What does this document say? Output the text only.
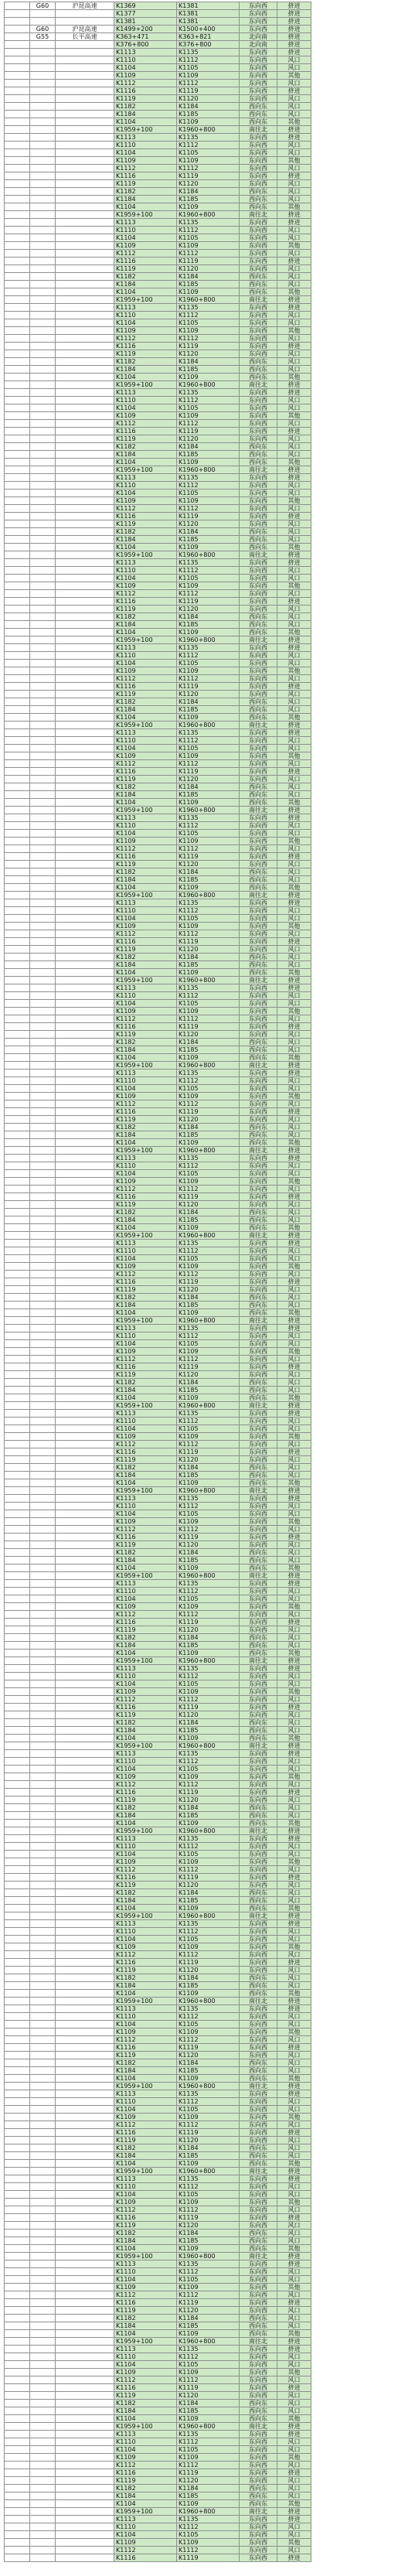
	G60	沪昆高速	K1369	K1381	东向西	挤进
			K1377	K1381	东向西	挤进
			K1381	K1381	东向西	挤进
	G60	沪昆高速	K1499+200	K1500+400	东向西	挤进
	G55	长平高速	K363+471	K363+821	北向南	挤进
			K376+800	K376+800	北向南	挤进
			K1113	K1135	东向西	挤进
			K1110	K1112	东向西	风口
			K1104	K1105	东向西	风口
			K1109	K1109	东向西	其他
			K1112	K1112	东向西	风口
			K1116	K1119	东向西	挤进
			K1119	K1120	东向西	风口
			K1182	K1184	西向东	风口
			K1184	K1185	西向东	风口
			K1104	K1109	西向东	其他
			K1959+100	K1960+800	南往北	挤进
			K1113	K1135	东向西	挤进
			K1110	K1112	东向西	风口
			K1104	K1105	东向西	风口
			K1109	K1109	东向西	其他
			K1112	K1112	东向西	风口
			K1116	K1119	东向西	挤进
			K1119	K1120	东向西	风口
			K1182	K1184	西向东	风口
			K1184	K1185	西向东	风口
			K1104	K1109	西向东	其他
			K1959+100	K1960+800	南往北	挤进
			K1113	K1135	东向西	挤进
			K1110	K1112	东向西	风口
			K1104	K1105	东向西	风口
			K1109	K1109	东向西	其他
			K1112	K1112	东向西	风口
			K1116	K1119	东向西	挤进
			K1119	K1120	东向西	风口
			K1182	K1184	西向东	风口
			K1184	K1185	西向东	风口
			K1104	K1109	西向东	其他
			K1959+100	K1960+800	南往北	挤进
			K1113	K1135	东向西	挤进
			K1110	K1112	东向西	风口
			K1104	K1105	东向西	风口
			K1109	K1109	东向西	其他
			K1112	K1112	东向西	风口
			K1116	K1119	东向西	挤进
			K1119	K1120	东向西	风口
			K1182	K1184	西向东	风口
			K1184	K1185	西向东	风口
			K1104	K1109	西向东	其他
			K1959+100	K1960+800	南往北	挤进
			K1113	K1135	东向西	挤进
			K1110	K1112	东向西	风口
			K1104	K1105	东向西	风口
			K1109	K1109	东向西	其他
			K1112	K1112	东向西	风口
			K1116	K1119	东向西	挤进
			K1119	K1120	东向西	风口
			K1182	K1184	西向东	风口
			K1184	K1185	西向东	风口
			K1104	K1109	西向东	其他
			K1959+100	K1960+800	南往北	挤进
			K1113	K1135	东向西	挤进
			K1110	K1112	东向西	风口
			K1104	K1105	东向西	风口
			K1109	K1109	东向西	其他
			K1112	K1112	东向西	风口
			K1116	K1119	东向西	挤进
			K1119	K1120	东向西	风口
			K1182	K1184	西向东	风口
			K1184	K1185	西向东	风口
			K1104	K1109	西向东	其他
			K1959+100	K1960+800	南往北	挤进
			K1113	K1135	东向西	挤进
			K1110	K1112	东向西	风口
			K1104	K1105	东向西	风口
			K1109	K1109	东向西	其他
			K1112	K1112	东向西	风口
			K1116	K1119	东向西	挤进
			K1119	K1120	东向西	风口
			K1182	K1184	西向东	风口
			K1184	K1185	西向东	风口
			K1104	K1109	西向东	其他
			K1959+100	K1960+800	南往北	挤进
			K1113	K1135	东向西	挤进
			K1110	K1112	东向西	风口
			K1104	K1105	东向西	风口
			K1109	K1109	东向西	其他
			K1112	K1112	东向西	风口
			K1116	K1119	东向西	挤进
			K1119	K1120	东向西	风口
			K1182	K1184	西向东	风口
			K1184	K1185	西向东	风口
			K1104	K1109	西向东	其他
			K1959+100	K1960+800	南往北	挤进
			K1113	K1135	东向西	挤进
			K1110	K1112	东向西	风口
			K1104	K1105	东向西	风口
			K1109	K1109	东向西	其他
			K1112	K1112	东向西	风口
			K1116	K1119	东向西	挤进
			K1119	K1120	东向西	风口
			K1182	K1184	西向东	风口
			K1184	K1185	西向东	风口
			K1104	K1109	西向东	其他
			K1959+100	K1960+800	南往北	挤进
			K1113	K1135	东向西	挤进
			K1110	K1112	东向西	风口
			K1104	K1105	东向西	风口
			K1109	K1109	东向西	其他
			K1112	K1112	东向西	风口
			K1116	K1119	东向西	挤进
			K1119	K1120	东向西	风口
			K1182	K1184	西向东	风口
			K1184	K1185	西向东	风口
			K1104	K1109	西向东	其他
			K1959+100	K1960+800	南往北	挤进
			K1113	K1135	东向西	挤进
			K1110	K1112	东向西	风口
			K1104	K1105	东向西	风口
			K1109	K1109	东向西	其他
			K1112	K1112	东向西	风口
			K1116	K1119	东向西	挤进
			K1119	K1120	东向西	风口
			K1182	K1184	西向东	风口
			K1184	K1185	西向东	风口
			K1104	K1109	西向东	其他
			K1959+100	K1960+800	南往北	挤进
			K1113	K1135	东向西	挤进
			K1110	K1112	东向西	风口
			K1104	K1105	东向西	风口
			K1109	K1109	东向西	其他
			K1112	K1112	东向西	风口
			K1116	K1119	东向西	挤进
			K1119	K1120	东向西	风口
			K1182	K1184	西向东	风口
			K1184	K1185	西向东	风口
			K1104	K1109	西向东	其他
			K1959+100	K1960+800	南往北	挤进
			K1113	K1135	东向西	挤进
			K1110	K1112	东向西	风口
			K1104	K1105	东向西	风口
			K1109	K1109	东向西	其他
			K1112	K1112	东向西	风口
			K1116	K1119	东向西	挤进
			K1119	K1120	东向西	风口
			K1182	K1184	西向东	风口
			K1184	K1185	西向东	风口
			K1104	K1109	西向东	其他
			K1959+100	K1960+800	南往北	挤进
			K1113	K1135	东向西	挤进
			K1110	K1112	东向西	风口
			K1104	K1105	东向西	风口
			K1109	K1109	东向西	其他
			K1112	K1112	东向西	风口
			K1116	K1119	东向西	挤进
			K1119	K1120	东向西	风口
			K1182	K1184	西向东	风口
			K1184	K1185	西向东	风口
			K1104	K1109	西向东	其他
			K1959+100	K1960+800	南往北	挤进
			K1113	K1135	东向西	挤进
			K1110	K1112	东向西	风口
			K1104	K1105	东向西	风口
			K1109	K1109	东向西	其他
			K1112	K1112	东向西	风口
			K1116	K1119	东向西	挤进
			K1119	K1120	东向西	风口
			K1182	K1184	西向东	风口
			K1184	K1185	西向东	风口
			K1104	K1109	西向东	其他
			K1959+100	K1960+800	南往北	挤进
			K1113	K1135	东向西	挤进
			K1110	K1112	东向西	风口
			K1104	K1105	东向西	风口
			K1109	K1109	东向西	其他
			K1112	K1112	东向西	风口
			K1116	K1119	东向西	挤进
			K1119	K1120	东向西	风口
			K1182	K1184	西向东	风口
			K1184	K1185	西向东	风口
			K1104	K1109	西向东	其他
			K1959+100	K1960+800	南往北	挤进
			K1113	K1135	东向西	挤进
			K1110	K1112	东向西	风口
			K1104	K1105	东向西	风口
			K1109	K1109	东向西	其他
			K1112	K1112	东向西	风口
			K1116	K1119	东向西	挤进
			K1119	K1120	东向西	风口
			K1182	K1184	西向东	风口
			K1184	K1185	西向东	风口
			K1104	K1109	西向东	其他
			K1959+100	K1960+800	南往北	挤进
			K1113	K1135	东向西	挤进
			K1110	K1112	东向西	风口
			K1104	K1105	东向西	风口
			K1109	K1109	东向西	其他
			K1112	K1112	东向西	风口
			K1116	K1119	东向西	挤进
			K1119	K1120	东向西	风口
			K1182	K1184	西向东	风口
			K1184	K1185	西向东	风口
			K1104	K1109	西向东	其他
			K1959+100	K1960+800	南往北	挤进
			K1113	K1135	东向西	挤进
			K1110	K1112	东向西	风口
			K1104	K1105	东向西	风口
			K1109	K1109	东向西	其他
			K1112	K1112	东向西	风口
			K1116	K1119	东向西	挤进
			K1119	K1120	东向西	风口
			K1182	K1184	西向东	风口
			K1184	K1185	西向东	风口
			K1104	K1109	西向东	其他
			K1959+100	K1960+800	南往北	挤进
			K1113	K1135	东向西	挤进
			K1110	K1112	东向西	风口
			K1104	K1105	东向西	风口
			K1109	K1109	东向西	其他
			K1112	K1112	东向西	风口
			K1116	K1119	东向西	挤进
			K1119	K1120	东向西	风口
			K1182	K1184	西向东	风口
			K1184	K1185	西向东	风口
			K1104	K1109	西向东	其他
			K1959+100	K1960+800	南往北	挤进
			K1113	K1135	东向西	挤进
			K1110	K1112	东向西	风口
			K1104	K1105	东向西	风口
			K1109	K1109	东向西	其他
			K1112	K1112	东向西	风口
			K1116	K1119	东向西	挤进
			K1119	K1120	东向西	风口
			K1182	K1184	西向东	风口
			K1184	K1185	西向东	风口
			K1104	K1109	西向东	其他
			K1959+100	K1960+800	南往北	挤进
			K1113	K1135	东向西	挤进
			K1110	K1112	东向西	风口
			K1104	K1105	东向西	风口
			K1109	K1109	东向西	其他
			K1112	K1112	东向西	风口
			K1116	K1119	东向西	挤进
			K1119	K1120	东向西	风口
			K1182	K1184	西向东	风口
			K1184	K1185	西向东	风口
			K1104	K1109	西向东	其他
			K1959+100	K1960+800	南往北	挤进
			K1113	K1135	东向西	挤进
			K1110	K1112	东向西	风口
			K1104	K1105	东向西	风口
			K1109	K1109	东向西	其他
			K1112	K1112	东向西	风口
			K1116	K1119	东向西	挤进
			K1119	K1120	东向西	风口
			K1182	K1184	西向东	风口
			K1184	K1185	西向东	风口
			K1104	K1109	西向东	其他
			K1959+100	K1960+800	南往北	挤进
			K1113	K1135	东向西	挤进
			K1110	K1112	东向西	风口
			K1104	K1105	东向西	风口
			K1109	K1109	东向西	其他
			K1112	K1112	东向西	风口
			K1116	K1119	东向西	挤进
			K1119	K1120	东向西	风口
			K1182	K1184	西向东	风口
			K1184	K1185	西向东	风口
			K1104	K1109	西向东	其他
			K1959+100	K1960+800	南往北	挤进
			K1113	K1135	东向西	挤进
			K1110	K1112	东向西	风口
			K1104	K1105	东向西	风口
			K1109	K1109	东向西	其他
			K1112	K1112	东向西	风口
			K1116	K1119	东向西	挤进
			K1119	K1120	东向西	风口
			K1182	K1184	西向东	风口
			K1184	K1185	西向东	风口
			K1104	K1109	西向东	其他
			K1959+100	K1960+800	南往北	挤进
			K1113	K1135	东向西	挤进
			K1110	K1112	东向西	风口
			K1104	K1105	东向西	风口
			K1109	K1109	东向西	其他
			K1112	K1112	东向西	风口
			K1116	K1119	东向西	挤进
			K1119	K1120	东向西	风口
			K1182	K1184	西向东	风口
			K1184	K1185	西向东	风口
			K1104	K1109	西向东	其他
			K1959+100	K1960+800	南往北	挤进
			K1113	K1135	东向西	挤进
			K1110	K1112	东向西	风口
			K1104	K1105	东向西	风口
			K1109	K1109	东向西	其他
			K1112	K1112	东向西	风口
			K1116	K1119	东向西	挤进
			K1119	K1120	东向西	风口
			K1182	K1184	西向东	风口
			K1184	K1185	西向东	风口
			K1104	K1109	西向东	其他
			K1959+100	K1960+800	南往北	挤进
			K1113	K1135	东向西	挤进
			K1110	K1112	东向西	风口
			K1104	K1105	东向西	风口
			K1109	K1109	东向西	其他
			K1112	K1112	东向西	风口
			K1116	K1119	东向西	挤进
			K1119	K1120	东向西	风口
			K1182	K1184	西向东	风口
			K1184	K1185	西向东	风口
			K1104	K1109	西向东	其他
			K1959+100	K1960+800	南往北	挤进
			K1113	K1135	东向西	挤进
			K1110	K1112	东向西	风口
			K1104	K1105	东向西	风口
			K1109	K1109	东向西	其他
			K1112	K1112	东向西	风口
			K1116	K1119	东向西	挤进
			K1119	K1120	东向西	风口
			K1182	K1184	西向东	风口
			K1184	K1185	西向东	风口
			K1104	K1109	西向东	其他
			K1959+100	K1960+800	南往北	挤进
			K1113	K1135	东向西	挤进
			K1110	K1112	东向西	风口
			K1104	K1105	东向西	风口
			K1109	K1109	东向西	其他
			K1112	K1112	东向西	风口
			K1116	K1119	东向西	挤进
